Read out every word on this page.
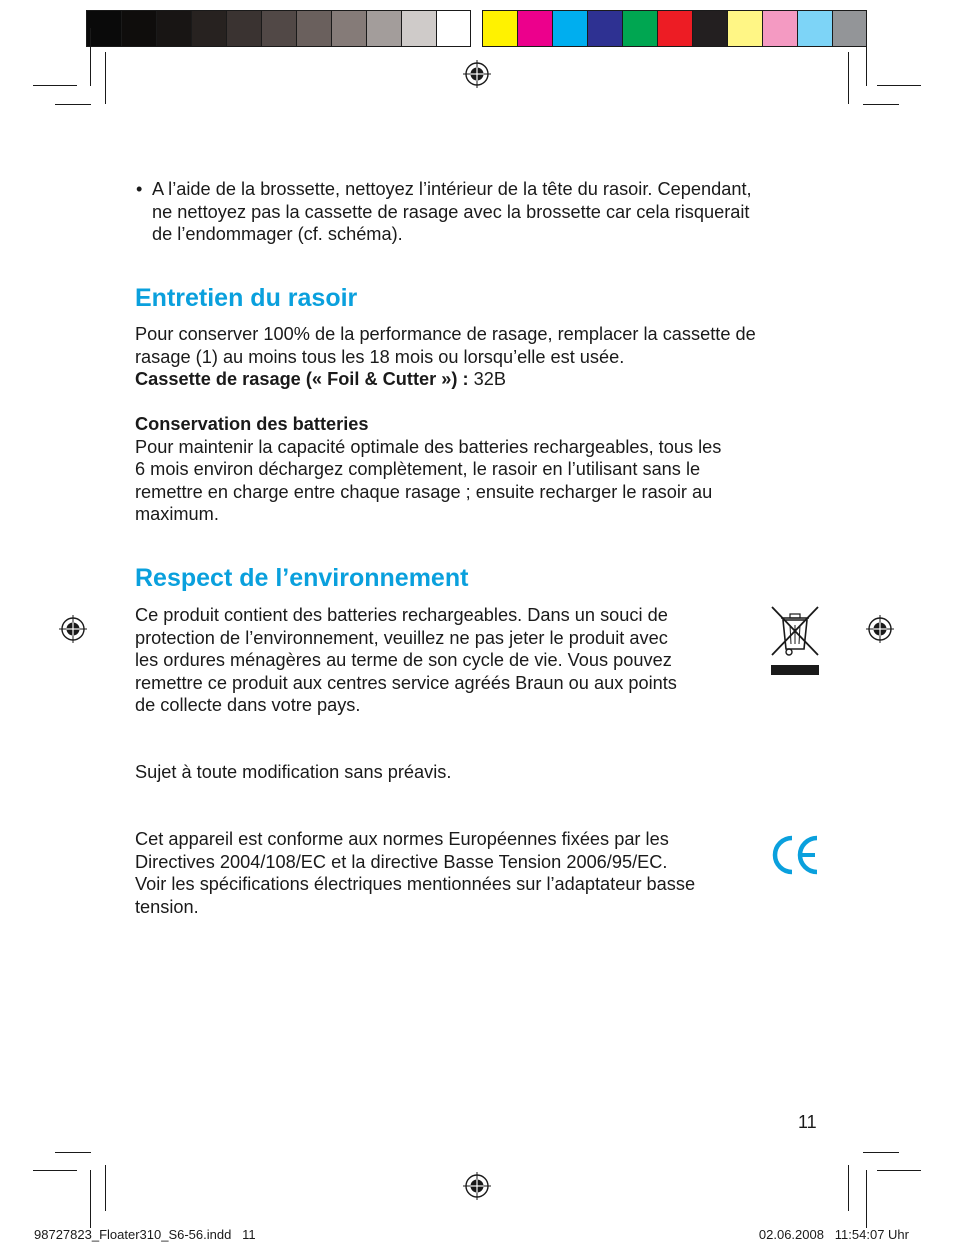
• A l’aide de la brossette, nettoyez l’intérieur de la tête du rasoir. Cependant,
ne nettoyez pas la cassette de rasage avec la brossette car cela risquerait
de l’endommager (cf. schéma).
Entretien du rasoir
Pour conserver 100% de la performance de rasage, remplacer la cassette de
rasage (1) au moins tous les 18 mois ou lorsqu’elle est usée.
Cassette de rasage (« Foil & Cutter ») : 32B
Conservation des batteries
Pour maintenir la capacité optimale des batteries rechargeables, tous les
6 mois environ déchargez complètement, le rasoir en l’utilisant sans le
remettre en charge entre chaque rasage ; ensuite recharger le rasoir au
maximum.
Respect de l’environnement
Ce produit contient des batteries rechargeables. Dans un souci de
protection de l’environnement, veuillez ne pas jeter le produit avec
les ordures ménagères au terme de son cycle de vie. Vous pouvez
remettre ce produit aux centres service agréés Braun ou aux points
de collecte dans votre pays.
Sujet à toute modification sans préavis.
Cet appareil est conforme aux normes Européennes fixées par les
Directives 2004/108/EC et la directive Basse Tension 2006/95/EC.
Voir les spécifications électriques mentionnées sur l’adaptateur basse
tension.
11
98727823_Floater310_S6-56.indd   11	02.06.2008   11:54:07 Uhr
